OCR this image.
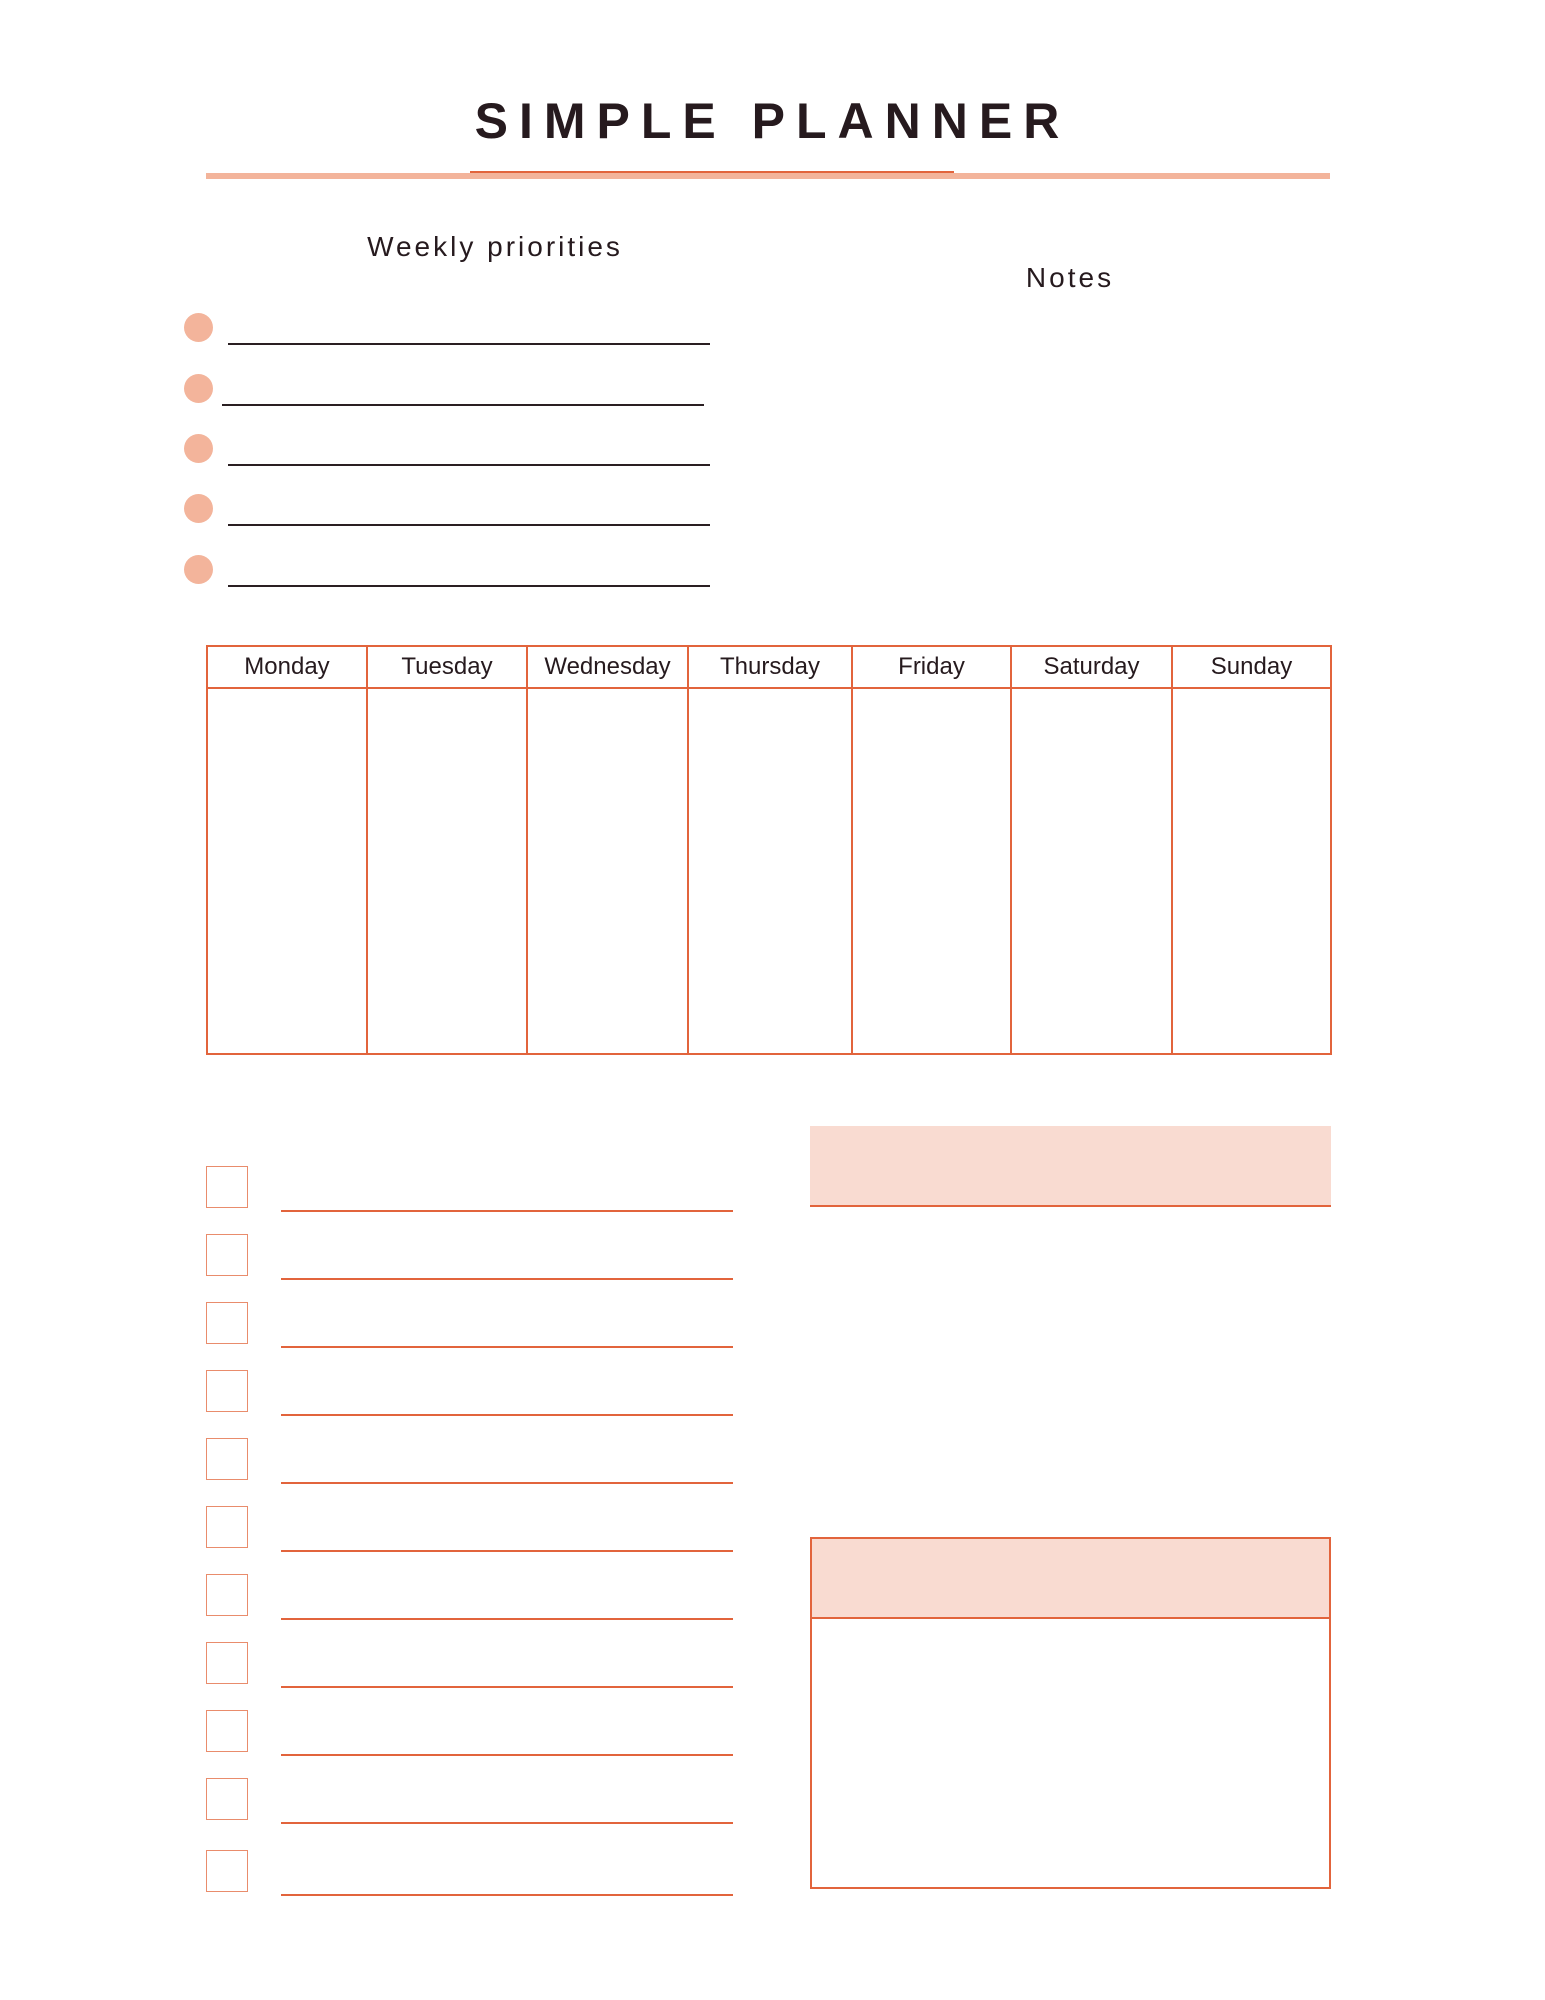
SIMPLE PLANNER
Weekly priorities
Notes
Monday	Tuesday	Wednesday	Thursday	Friday	Saturday	Sunday
